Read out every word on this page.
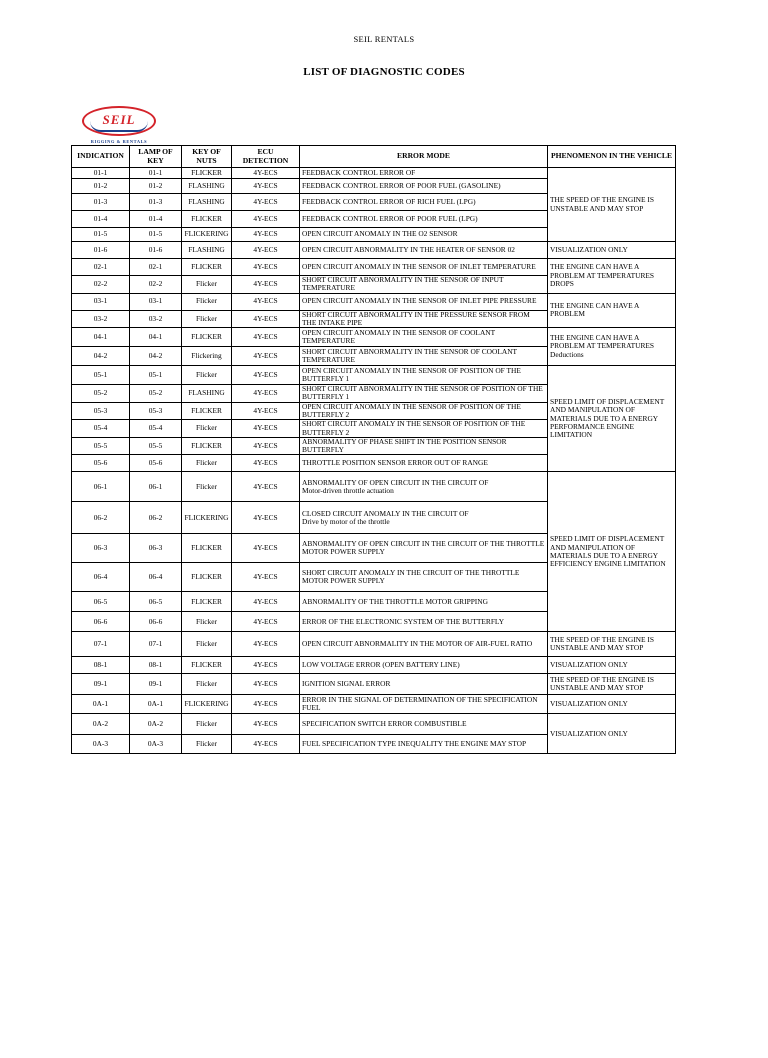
SEIL RENTALS
LIST OF DIAGNOSTIC CODES
SEIL
RIGGING & RENTALS
INDICATION	LAMP OF KEY	KEY OF NUTS	ECU DETECTION	ERROR MODE	PHENOMENON IN THE VEHICLE
01-1	01-1	FLICKER	4Y-ECS	FEEDBACK CONTROL ERROR OF	THE SPEED OF THE ENGINE IS UNSTABLE AND MAY STOP
01-2	01-2	FLASHING	4Y-ECS	FEEDBACK CONTROL ERROR OF POOR FUEL (GASOLINE)	
01-3	01-3	FLASHING	4Y-ECS	FEEDBACK CONTROL ERROR OF RICH FUEL (LPG)	
01-4	01-4	FLICKER	4Y-ECS	FEEDBACK CONTROL ERROR OF POOR FUEL (LPG)	
01-5	01-5	FLICKERING	4Y-ECS	OPEN CIRCUIT ANOMALY IN THE O2 SENSOR	
01-6	01-6	FLASHING	4Y-ECS	OPEN CIRCUIT ABNORMALITY IN THE HEATER OF SENSOR 02	VISUALIZATION ONLY
02-1	02-1	FLICKER	4Y-ECS	OPEN CIRCUIT ANOMALY IN THE SENSOR OF INLET TEMPERATURE	THE ENGINE CAN HAVE A PROBLEM AT TEMPERATURES DROPS
02-2	02-2	Flicker	4Y-ECS	SHORT CIRCUIT ABNORMALITY IN THE SENSOR OF INPUT TEMPERATURE	
03-1	03-1	Flicker	4Y-ECS	OPEN CIRCUIT ANOMALY IN THE SENSOR OF INLET PIPE PRESSURE	THE ENGINE CAN HAVE A PROBLEM
03-2	03-2	Flicker	4Y-ECS	SHORT CIRCUIT ABNORMALITY IN THE PRESSURE SENSOR FROM THE INTAKE PIPE	
04-1	04-1	FLICKER	4Y-ECS	OPEN CIRCUIT ANOMALY IN THE SENSOR OF COOLANT TEMPERATURE	THE ENGINE CAN HAVE A PROBLEM AT TEMPERATURES Deductions
04-2	04-2	Flickering	4Y-ECS	SHORT CIRCUIT ABNORMALITY IN THE SENSOR OF COOLANT TEMPERATURE	
05-1	05-1	Flicker	4Y-ECS	OPEN CIRCUIT ANOMALY IN THE SENSOR OF POSITION OF THE BUTTERFLY 1	SPEED LIMIT OF DISPLACEMENT AND MANIPULATION OF MATERIALS DUE TO A ENERGY PERFORMANCE ENGINE LIMITATION
05-2	05-2	FLASHING	4Y-ECS	SHORT CIRCUIT ABNORMALITY IN THE SENSOR OF POSITION OF THE BUTTERFLY 1	
05-3	05-3	FLICKER	4Y-ECS	OPEN CIRCUIT ANOMALY IN THE SENSOR OF POSITION OF THE BUTTERFLY 2	
05-4	05-4	Flicker	4Y-ECS	SHORT CIRCUIT ANOMALY IN THE SENSOR OF POSITION OF THE BUTTERFLY 2	
05-5	05-5	FLICKER	4Y-ECS	ABNORMALITY OF PHASE SHIFT IN THE POSITION SENSOR BUTTERFLY	
05-6	05-6	Flicker	4Y-ECS	THROTTLE POSITION SENSOR ERROR OUT OF RANGE	
06-1	06-1	Flicker	4Y-ECS	ABNORMALITY OF OPEN CIRCUIT IN THE CIRCUIT OF
Motor-driven throttle actuation	SPEED LIMIT OF DISPLACEMENT AND MANIPULATION OF MATERIALS DUE TO A ENERGY EFFICIENCY ENGINE LIMITATION
06-2	06-2	FLICKERING	4Y-ECS	CLOSED CIRCUIT ANOMALY IN THE CIRCUIT OF
Drive by motor of the throttle	

06-3	06-3	FLICKER	4Y-ECS	ABNORMALITY OF OPEN CIRCUIT IN THE CIRCUIT OF THE THROTTLE MOTOR POWER SUPPLY	
06-4	06-4	FLICKER	4Y-ECS	SHORT CIRCUIT ANOMALY IN THE CIRCUIT OF THE THROTTLE MOTOR POWER SUPPLY	
06-5	06-5	FLICKER	4Y-ECS	ABNORMALITY OF THE THROTTLE MOTOR GRIPPING	
06-6	06-6	Flicker	4Y-ECS	ERROR OF THE ELECTRONIC SYSTEM OF THE BUTTERFLY	
07-1	07-1	Flicker	4Y-ECS	OPEN CIRCUIT ABNORMALITY IN THE MOTOR OF AIR-FUEL RATIO	THE SPEED OF THE ENGINE IS UNSTABLE AND MAY STOP
08-1	08-1	FLICKER	4Y-ECS	LOW VOLTAGE ERROR (OPEN BATTERY LINE)	VISUALIZATION ONLY
09-1	09-1	Flicker	4Y-ECS	IGNITION SIGNAL ERROR	THE SPEED OF THE ENGINE IS UNSTABLE AND MAY STOP
0A-1	0A-1	FLICKERING	4Y-ECS	ERROR IN THE SIGNAL OF DETERMINATION OF THE SPECIFICATION FUEL	VISUALIZATION ONLY
0A-2	0A-2	Flicker	4Y-ECS	SPECIFICATION SWITCH ERROR COMBUSTIBLE	VISUALIZATION ONLY
0A-3	0A-3	Flicker	4Y-ECS	FUEL SPECIFICATION TYPE INEQUALITY THE ENGINE MAY STOP	
